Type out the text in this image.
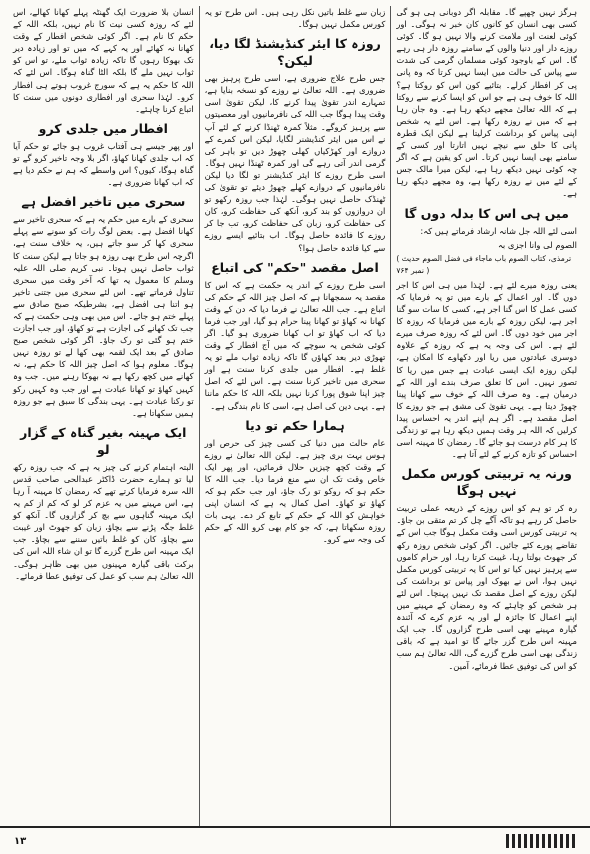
ہرگز نہیں چھپے گا۔ مقابلہ اگر دوبانی ہی ہو گی کسی بھی انسان کو کانوں کان خبر نہ ہوگی۔ اور کوئی لعنت اور ملامت کرنے والا نہیں ہو گا۔ کوئی روزے دار اور دنیا والوں کے سامنے روزہ دار ہی رہے گا۔ اس کے باوجود کوئی مسلمان گرمی کی شدت سے پیاس کی حالت میں ایسا نہیں کرتا کہ وہ پانی پی کر افطار کرلے۔ بتائیے کون اس کو روکتا ہے؟ اللہ کا خوف ہی ہے جو اس کو ایسا کرنے سے روکتا ہے کہ اللہ تعالیٰ مجھے دیکھ رہا ہے۔ وہ جان رہا ہے کہ میں نے روزہ رکھا ہے۔ اس لئے یہ شخص اپنی پیاس کو برداشت کرلیتا ہے لیکن ایک قطرہ پانی کا حلق سے نیچے نہیں اتارتا اور کسی کے سامنے بھی ایسا نہیں کرتا۔ اس کو یقین ہے کہ اگر چہ کوئی نہیں دیکھ رہا ہے، لیکن میرا مالک جس کے لئے میں نے روزہ رکھا ہے، وہ مجھے دیکھ رہا ہے۔

میں ہی اس کا بدلہ دوں گا

اسی لئے اللہ جل شانہ ارشاد فرماتے ہیں کہ:

الصوم لی وانا اجزی بہ

( ترمذی، کتاب الصوم باب ماجاء فی فضل الصوم حدیث نمبر ۷۶۴ )

یعنی روزہ میرے لئے ہے۔ لہٰذا میں ہی اس کا اجر دوں گا۔ اور اعمال کے بارے میں تو یہ فرمایا کہ کسی عمل کا اس گنا اجر ہے، کسی کا سات سو گنا اجر ہے، لیکن روزہ کے بارے میں فرمایا کہ روزہ کا اجر میں خود دوں گا۔ اس لئے کہ روزہ صرف میرے لئے ہے۔ اس کی وجہ یہ ہے کہ روزہ کے علاوہ دوسری عبادتوں میں ریا اور دکھاوے کا امکان ہے، لیکن روزہ ایک ایسی عبادت ہے جس میں ریا کا تصور نہیں۔ اس کا تعلق صرف بندے اور اللہ کے درمیان ہے۔ وہ صرف اللہ کے خوف سے کھانا پینا چھوڑ دیتا ہے۔ یہی تقویٰ کی مشق ہے جو روزے کا اصل مقصد ہے۔ اگر ہم اپنے اندر یہ احساس پیدا کرلیں کہ اللہ ہر وقت ہمیں دیکھ رہا ہے تو زندگی کا ہر کام درست ہو جائے گا۔ رمضان کا مہینہ اسی احساس کو تازہ کرنے کے لئے آتا ہے۔

ورنہ یہ تربیتی کورس مکمل نہیں ہوگا

رہ کر تو ہم کو اس روزے کے ذریعہ عملی تربیت حاصل کر رہے ہو تاکہ آگے چل کر تم متقی بن جاؤ۔ یہ تربیتی کورس اسی وقت مکمل ہوگا جب اس کے تقاضے پورے کئے جائیں۔ اگر کوئی شخص روزہ رکھ کر جھوٹ بولتا رہا، غیبت کرتا رہا، اور حرام کاموں سے پرہیز نہیں کیا تو اس کا یہ تربیتی کورس مکمل نہیں ہوا، اس نے بھوک اور پیاس تو برداشت کی لیکن روزے کے اصل مقصد تک نہیں پہنچا۔ اس لئے ہر شخص کو چاہئے کہ وہ رمضان کے مہینے میں اپنے اعمال کا جائزہ لے اور یہ عزم کرے کہ آئندہ گیارہ مہینے بھی اسی طرح گزاروں گا۔ جب ایک مہینہ اس طرح گزر جائے گا تو امید ہے کہ باقی زندگی بھی اسی طرح گزرے گی، اللہ تعالیٰ ہم سب کو اس کی توفیق عطا فرمائے، آمین۔

زبان سے غلط باتیں نکل رہی ہیں۔ اس طرح تو یہ کورس مکمل نہیں ہوگا۔

روزہ کا ایئر کنڈیشنڈ لگا دیا، لیکن؟

جس طرح علاج ضروری ہے، اسی طرح پرہیز بھی ضروری ہے۔ اللہ تعالیٰ نے روزے کو نسخہ بنایا ہے، تمہارے اندر تقویٰ پیدا کرنے کا، لیکن تقویٰ اسی وقت پیدا ہوگا جب اللہ کی نافرمانیوں اور معصیتوں سے پرہیز کروگے۔ مثلاً کمرہ ٹھنڈا کرنے کے لئے آپ نے اس میں ایئر کنڈیشنر لگایا، لیکن اس کمرے کے دروازے اور کھڑکیاں کھلی چھوڑ دیں تو باہر کی گرمی اندر آتی رہے گی اور کمرہ ٹھنڈا نہیں ہوگا۔ اسی طرح روزے کا ایئر کنڈیشنر تو لگا دیا لیکن نافرمانیوں کے دروازے کھلے چھوڑ دیئے تو تقویٰ کی ٹھنڈک حاصل نہیں ہوگی۔ لہٰذا جب روزہ رکھو تو ان دروازوں کو بند کرو، آنکھ کی حفاظت کرو، کان کی حفاظت کرو، زبان کی حفاظت کرو، تب جا کر روزے کا فائدہ حاصل ہوگا۔ اب بتائیے ایسے روزے سے کیا فائدہ حاصل ہوا؟

اصل مقصد "حکم" کی اتباع

اسی طرح روزے کے اندر یہ حکمت ہے کہ اس کا مقصد یہ سمجھانا ہے کہ اصل چیز اللہ کے حکم کی اتباع ہے۔ جب اللہ تعالیٰ نے فرما دیا کہ دن کے وقت کھانا نہ کھاؤ تو کھانا پینا حرام ہو گیا، اور جب فرما دیا کہ اب کھاؤ تو اب کھانا ضروری ہو گیا۔ اگر کوئی شخص یہ سوچے کہ میں آج افطار کے وقت تھوڑی دیر بعد کھاؤں گا تاکہ زیادہ ثواب ملے تو یہ غلط ہے۔ افطار میں جلدی کرنا سنت ہے اور سحری میں تاخیر کرنا سنت ہے۔ اس لئے کہ اصل چیز اپنا شوق پورا کرنا نہیں بلکہ اللہ کا حکم ماننا ہے۔ یہی دین کی اصل ہے، اسی کا نام بندگی ہے۔

ہمارا حکم تو دیا

عام حالت میں دنیا کی کسی چیز کی حرص اور ہوس بہت بری چیز ہے۔ لیکن اللہ تعالیٰ نے روزے کے وقت کچھ چیزیں حلال فرمائیں، اور پھر ایک خاص وقت تک ان سے منع فرما دیا۔ جب اللہ کا حکم ہو کہ روکو تو رک جاؤ، اور جب حکم ہو کہ کھاؤ تو کھاؤ۔ اصل کمال یہ ہے کہ انسان اپنی خواہش کو اللہ کے حکم کے تابع کر دے۔ یہی بات روزہ سکھاتا ہے، کہ جو کام بھی کرو اللہ کے حکم کی وجہ سے کرو۔

انسان بلا ضرورت ایک گھنٹہ پہلے کھانا کھالے، اس لئے کہ روزہ کسی نیت کا نام نہیں، بلکہ اللہ کے حکم کا نام ہے۔ اگر کوئی شخص افطار کے وقت کھانا نہ کھائے اور یہ کہے کہ میں تو اور زیادہ دیر تک بھوکا رہوں گا تاکہ زیادہ ثواب ملے، تو اس کو ثواب نہیں ملے گا بلکہ الٹا گناہ ہوگا۔ اس لئے کہ اللہ کا حکم یہ ہے کہ سورج غروب ہوتے ہی افطار کرو۔ لہٰذا سحری اور افطاری دونوں میں سنت کا اتباع کرنا چاہئے۔

افطار میں جلدی کرو

اور پھر جیسے ہی آفتاب غروب ہو جائے تو حکم آیا کہ اب جلدی کھانا کھاؤ، اگر بلا وجہ تاخیر کرو گے تو گناہ ہوگا، کیوں؟ اس واسطے کہ ہم نے حکم دیا ہے کہ اب کھانا ضروری ہے۔

سحری میں تاخیر افضل ہے

سحری کے بارے میں حکم یہ ہے کہ سحری تاخیر سے کھانا افضل ہے۔ بعض لوگ رات کو سونے سے پہلے سحری کھا کر سو جاتے ہیں، یہ خلاف سنت ہے، اگرچہ اس طرح بھی روزہ ہو جاتا ہے لیکن سنت کا ثواب حاصل نہیں ہوتا۔ نبی کریم صلی اللہ علیہ وسلم کا معمول یہ تھا کہ آخر وقت میں سحری تناول فرماتے تھے۔ اس لئے سحری میں جتنی تاخیر ہو اتنا ہی افضل ہے، بشرطیکہ صبح صادق سے پہلے ختم ہو جائے۔ اس میں بھی وہی حکمت ہے کہ جب تک کھانے کی اجازت ہے تو کھاؤ، اور جب اجازت ختم ہو گئی تو رک جاؤ۔ اگر کوئی شخص صبح صادق کے بعد ایک لقمہ بھی کھا لے تو روزہ نہیں ہوگا۔ معلوم ہوا کہ اصل چیز اللہ کا حکم ہے، نہ کھانے میں کچھ رکھا ہے نہ بھوکا رہنے میں۔ جب وہ کہیں کھاؤ تو کھانا عبادت ہے اور جب وہ کہیں رکو تو رکنا عبادت ہے۔ یہی بندگی کا سبق ہے جو روزہ ہمیں سکھاتا ہے۔

ایک مہینہ بغیر گناہ کے گزار لو

البتہ اہتمام کرنے کی چیز یہ ہے کہ جب روزہ رکھ لیا تو ہمارے حضرت ڈاکٹر عبدالحی صاحب قدس اللہ سرہ فرمایا کرتے تھے کہ رمضان کا مہینہ آ رہا ہے، اس مہینے میں یہ عزم کر لو کہ کم از کم یہ ایک مہینہ گناہوں سے بچ کر گزاروں گا۔ آنکھ کو غلط جگہ پڑنے سے بچاؤ، زبان کو جھوٹ اور غیبت سے بچاؤ، کان کو غلط باتیں سننے سے بچاؤ۔ جب ایک مہینہ اس طرح گزرے گا تو ان شاء اللہ اس کی برکت باقی گیارہ مہینوں میں بھی ظاہر ہوگی۔ اللہ تعالیٰ ہم سب کو عمل کی توفیق عطا فرمائے۔

۱۳
